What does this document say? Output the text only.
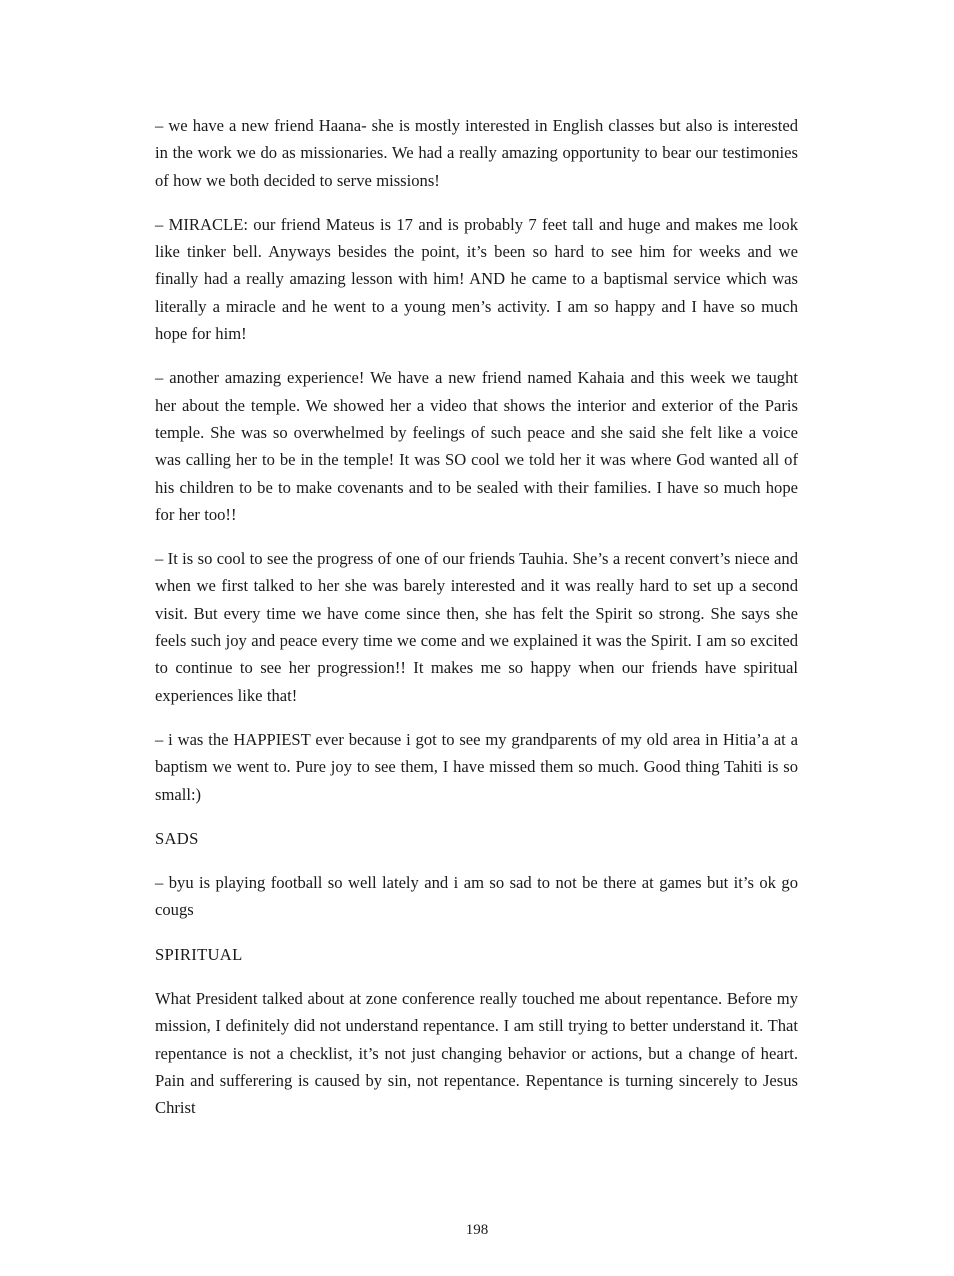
– we have a new friend Haana- she is mostly interested in English classes but also is interested in the work we do as missionaries. We had a really amazing opportunity to bear our testimonies of how we both decided to serve missions!

– MIRACLE: our friend Mateus is 17 and is probably 7 feet tall and huge and makes me look like tinker bell. Anyways besides the point, it’s been so hard to see him for weeks and we finally had a really amazing lesson with him! AND he came to a baptismal service which was literally a miracle and he went to a young men’s activity. I am so happy and I have so much hope for him!

– another amazing experience! We have a new friend named Kahaia and this week we taught her about the temple. We showed her a video that shows the interior and exterior of the Paris temple. She was so overwhelmed by feelings of such peace and she said she felt like a voice was calling her to be in the temple! It was SO cool we told her it was where God wanted all of his children to be to make covenants and to be sealed with their families. I have so much hope for her too!!

– It is so cool to see the progress of one of our friends Tauhia. She’s a recent convert’s niece and when we first talked to her she was barely interested and it was really hard to set up a second visit. But every time we have come since then, she has felt the Spirit so strong. She says she feels such joy and peace every time we come and we explained it was the Spirit. I am so excited to continue to see her progression!! It makes me so happy when our friends have spiritual experiences like that!

– i was the HAPPIEST ever because i got to see my grandparents of my old area in Hitia’a at a baptism we went to. Pure joy to see them, I have missed them so much. Good thing Tahiti is so small:)

SADS

– byu is playing football so well lately and i am so sad to not be there at games but it’s ok go cougs

SPIRITUAL

What President talked about at zone conference really touched me about repentance. Before my mission, I definitely did not understand repentance. I am still trying to better understand it. That repentance is not a checklist, it’s not just changing behavior or actions, but a change of heart. Pain and sufferering is caused by sin, not repentance. Repentance is turning sincerely to Jesus Christ

198
